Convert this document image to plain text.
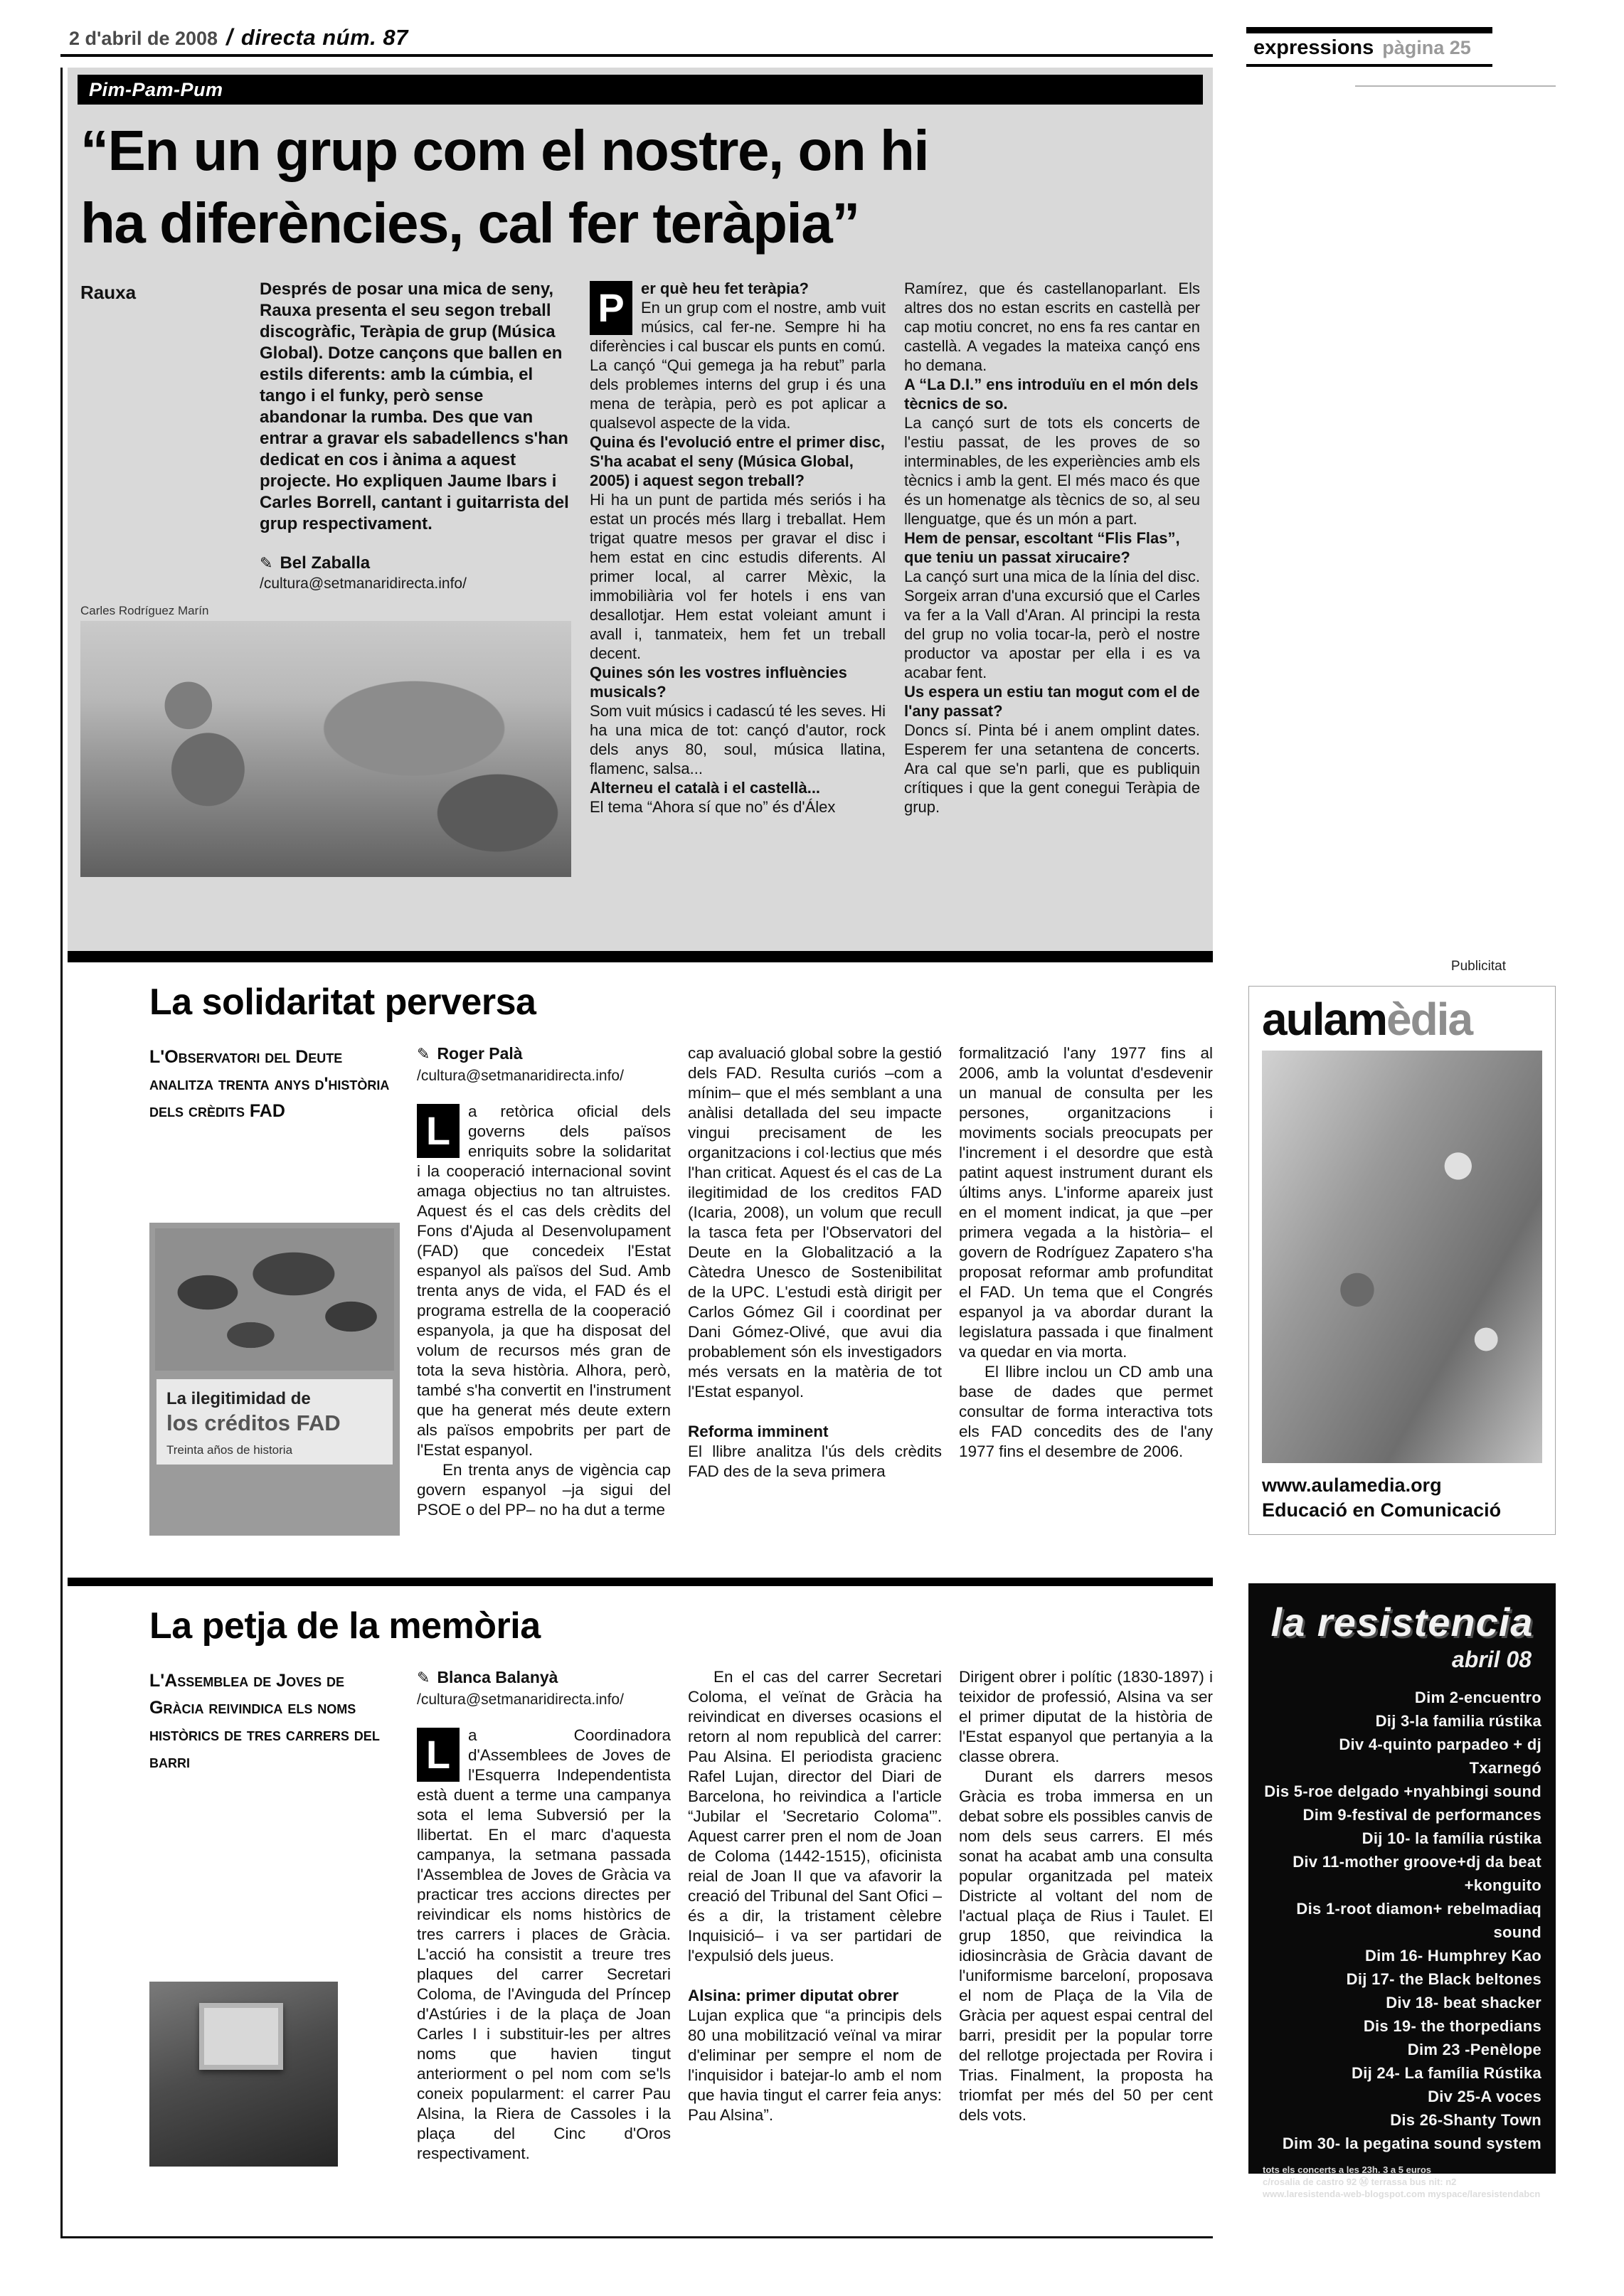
2 d'abril de 2008 / directa núm. 87	expressions pàgina 25
Pim-Pam-Pum
“En un grup com el nostre, on hi
ha diferències, cal fer teràpia”
Rauxa	Després de posar una mica de seny, Rauxa presenta el seu segon treball discogràfic, Teràpia de grup (Música Global). Dotze cançons que ballen en estils diferents: amb la cúmbia, el tango i el funky, però sense abandonar la rumba. Des que van entrar a gravar els sabadellencs s'han dedicat en cos i ànima a aquest projecte. Ho expliquen Jaume Ibars i Carles Borrell, cantant i guitarrista del grup respectivament.

✎ Bel Zaballa
/cultura@setmanaridirecta.info/
Carles Rodríguez Marín

P	er què heu fet teràpia?
En un grup com el nostre, amb vuit músics, cal fer-ne. Sempre hi ha diferències i cal buscar els punts en comú. La cançó “Qui gemega ja ha rebut” parla dels problemes interns del grup i és una mena de teràpia, però es pot aplicar a qualsevol aspecte de la vida.

Quina és l'evolució entre el primer disc, S'ha acabat el seny (Música Global, 2005) i aquest segon treball?

Hi ha un punt de partida més seriós i ha estat un procés més llarg i treballat. Hem trigat quatre mesos per gravar el disc i hem estat en cinc estudis diferents. Al primer local, al carrer Mèxic, la immobiliària vol fer hotels i ens van desallotjar. Hem estat voleiant amunt i avall i, tanmateix, hem fet un treball decent.

Quines són les vostres influències musicals?

Som vuit músics i cadascú té les seves. Hi ha una mica de tot: cançó d'autor, rock dels anys 80, soul, música llatina, flamenc, salsa...

Alterneu el català i el castellà...

El tema “Ahora sí que no” és d'Álex

Ramírez, que és castellanoparlant. Els altres dos no estan escrits en castellà per cap motiu concret, no ens fa res cantar en castellà. A vegades la mateixa cançó ens ho demana.

A “La D.I.” ens introduïu en el món dels tècnics de so.

La cançó surt de tots els concerts de l'estiu passat, de les proves de so interminables, de les experiències amb els tècnics i amb la gent. El més maco és que és un homenatge als tècnics de so, al seu llenguatge, que és un món a part.

Hem de pensar, escoltant “Flis Flas”, que teniu un passat xirucaire?

La cançó surt una mica de la línia del disc. Sorgeix arran d'una excursió que el Carles va fer a la Vall d'Aran. Al principi la resta del grup no volia tocar-la, però el nostre productor va apostar per ella i es va acabar fent.

Us espera un estiu tan mogut com el de l'any passat?

Doncs sí. Pinta bé i anem omplint dates. Esperem fer una setantena de concerts. Ara cal que se'n parli, que es publiquin crítiques i que la gent conegui Teràpia de grup.

La solidaritat perversa
L'Observatori del Deute analitza trenta anys d'història dels crèdits FAD
La ilegitimidad de
los créditos FAD
Treinta años de historia
✎ Roger Palà
/cultura@setmanaridirecta.info/

L	a retòrica oficial dels governs dels països enriquits sobre la solidaritat i la cooperació internacional sovint amaga objectius no tan altruistes. Aquest és el cas dels crèdits del Fons d'Ajuda al Desenvolupament (FAD) que concedeix l'Estat espanyol als països del Sud. Amb trenta anys de vida, el FAD és el programa estrella de la cooperació espanyola, ja que ha disposat del volum de recursos més gran de tota la seva història. Alhora, però, també s'ha convertit en l'instrument que ha generat més deute extern als països empobrits per part de l'Estat espanyol.

En trenta anys de vigència cap govern espanyol –ja sigui del PSOE o del PP– no ha dut a terme

cap avaluació global sobre la gestió dels FAD. Resulta curiós –com a mínim– que el més semblant a una anàlisi detallada del seu impacte vingui precisament de les organitzacions i col·lectius que més l'han criticat. Aquest és el cas de La ilegitimidad de los creditos FAD (Icaria, 2008), un volum que recull la tasca feta per l'Observatori del Deute en la Globalització a la Càtedra Unesco de Sostenibilitat de la UPC. L'estudi està dirigit per Carlos Gómez Gil i coordinat per Dani Gómez-Olivé, que avui dia probablement són els investigadors més versats en la matèria de tot l'Estat espanyol.

Reforma imminent

El llibre analitza l'ús dels crèdits FAD des de la seva primera

formalització l'any 1977 fins al 2006, amb la voluntat d'esdevenir un manual de consulta per les persones, organitzacions i moviments socials preocupats per l'increment i el desordre que està patint aquest instrument durant els últims anys. L'informe apareix just en el moment indicat, ja que –per primera vegada a la història– el govern de Rodríguez Zapatero s'ha proposat reformar amb profunditat el FAD. Un tema que el Congrés espanyol ja va abordar durant la legislatura passada i que finalment va quedar en via morta.

El llibre inclou un CD amb una base de dades que permet consultar de forma interactiva tots els FAD concedits des de l'any 1977 fins el desembre de 2006.

La petja de la memòria
L'Assemblea de Joves de Gràcia reivindica els noms històrics de tres carrers del barri
✎ Blanca Balanyà
/cultura@setmanaridirecta.info/

L	a Coordinadora d'Assemblees de Joves de l'Esquerra Independentista està duent a terme una campanya sota el lema Subversió per la llibertat. En el marc d'aquesta campanya, la setmana passada l'Assemblea de Joves de Gràcia va practicar tres accions directes per reivindicar els noms històrics de tres carrers i places de Gràcia. L'acció ha consistit a treure tres plaques del carrer Secretari Coloma, de l'Avinguda del Príncep d'Astúries i de la plaça de Joan Carles I i substituir-les per altres noms que havien tingut anteriorment o pel nom com se'ls coneix popularment: el carrer Pau Alsina, la Riera de Cassoles i la plaça del Cinc d'Oros respectivament.

En el cas del carrer Secretari Coloma, el veïnat de Gràcia ha reivindicat en diverses ocasions el retorn al nom republicà del carrer: Pau Alsina. El periodista gracienc Rafel Lujan, director del Diari de Barcelona, ho reivindica a l'article “Jubilar el 'Secretario Coloma'”. Aquest carrer pren el nom de Joan de Coloma (1442-1515), oficinista reial de Joan II que va afavorir la creació del Tribunal del Sant Ofici –és a dir, la tristament cèlebre Inquisició– i va ser partidari de l'expulsió dels jueus.

Alsina: primer diputat obrer

Lujan explica que “a principis dels 80 una mobilització veïnal va mirar d'eliminar per sempre el nom de l'inquisidor i batejar-lo amb el nom que havia tingut el carrer feia anys: Pau Alsina”.

Dirigent obrer i polític (1830-1897) i teixidor de professió, Alsina va ser el primer diputat de la història de l'Estat espanyol que pertanyia a la classe obrera.

Durant els darrers mesos Gràcia es troba immersa en un debat sobre els possibles canvis de nom dels seus carrers. El més sonat ha acabat amb una consulta popular organitzada pel mateix Districte al voltant del nom de l'actual plaça de Rius i Taulet. El grup 1850, que reivindica la idiosincràsia de Gràcia davant de l'uniformisme barceloní, proposava el nom de Plaça de la Vila de Gràcia per aquest espai central del barri, presidit per la popular torre del rellotge projectada per Rovira i Trias. Finalment, la proposta ha triomfat per més del 50 per cent dels vots.

Publicitat
aulamèdia
www.aulamedia.org
Educació en Comunicació
la resistencia
abril 08
Dim 2-encuentro
Dij 3-la familia rústika
Div 4-quinto parpadeo + dj Txarnegó
Dis 5-roe delgado +nyahbingi sound
Dim 9-festival de performances
Dij 10- la família rústika
Div 11-mother groove+dj da beat +konguito
Dis 1-root diamon+ rebelmadiaq sound
Dim 16- Humphrey Kao
Dij 17- the Black beltones
Div 18- beat shacker
Dis 19- the thorpedians
Dim 23 -Penèlope
Dij 24- La família Rústika
Div 25-A voces
Dis 26-Shanty Town
Dim 30- la pegatina sound system
tots els concerts a les 23h. 3 a 5 euros
c/rosalia de castro 92 Ⓜ terrassa bus nit: n2
www.laresistenda-web-blogspot.com myspace/laresistendabcn
